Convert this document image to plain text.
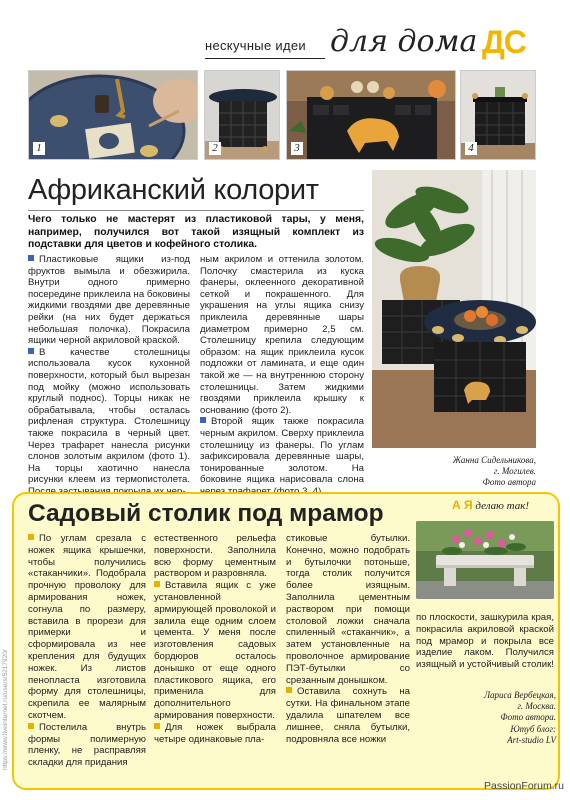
нескучные идеи для дома ДС
1	2	3	4
Африканский колорит

Чего только не мастерят из пластиковой тары, у меня, например, получился вот такой изящный комплект из подставки для цветов и кофейного столика.

Пластиковые ящики из-под фруктов вымыла и обезжирила. Внутри одного примерно посередине приклеила на боковины жидкими гвоздями две деревянные рейки (на них будет держаться небольшая полочка). Покрасила ящики черной акриловой краской.

В качестве столешницы использовала кусок кухонной поверхности, который был вырезан под мойку (можно использовать круглый поднос). Торцы никак не обрабатывала, чтобы осталась рифленая структура. Столешницу также покрасила в черный цвет. Через трафарет нанесла рисунки слонов золотым акрилом (фото 1). На торцы хаотично нанесла рисунки клеем из термопистолета.

ным акрилом и оттенила золотом. Полочку смастерила из куска фанеры, оклеенного декоративной сеткой и покрашенного. Для украшения на углы ящика снизу приклеила деревянные шары диаметром примерно 2,5 см. Столешницу крепила следующим образом: на ящик приклеила кусок подложки от ламината, и еще один такой же — на внутреннюю сторону столешницы. Затем жидкими гвоздями приклеила крышку к основанию (фото 2).

Второй ящик также покрасила черным акрилом. Сверху приклеила столешницу из фанеры. По углам зафиксировала деревянные шары, тонированные золотом. На боковине ящика нарисовала слона

Жанна Сидельникова,
г. Могилев.
Фото автора
Садовый столик под мрамор	А Я делаю так!

По углам срезала с ножек ящика крышечки, чтобы получились «стаканчики». Подобрала прочную проволоку для армирования ножек, согнула по размеру, вставила в прорези для примерки и сформировала из нее крепления для будущих ножек. Из листов пенопласта изготовила форму для столешницы, скрепила ее малярным скотчем.

Постелила внутрь формы полимерную пленку, не расправляя складки для придания

естественного рельефа поверхности. Заполнила всю форму цементным раствором и разровняла.

Вставила ящик с уже установленной армирующей проволокой и залила еще одним слоем цемента. У меня после изготовления садовых бордюров осталось донышко от еще одного пластикового ящика, его применила для дополнительного армирования поверхности.

Для ножек выбрала четыре одинаковые пла-

стиковые бутылки. Конечно, можно подобрать и бутылочки потоньше, тогда столик получится более изящным. Заполнила цементным раствором при помощи столовой ложки сначала спиленный «стаканчик», а затем установленные на проволочное армирование ПЭТ-бутылки со срезанным донышком.

Оставила сохнуть на сутки. На финальном этапе удалила шпателем все лишнее, сняла бутылки, подровняла все ножки

по плоскости, зашкурила края, покрасила акриловой краской под мрамор и покрыла все изделие лаком. Получился изящный и устойчивый столик!

Лариса Вербецкая,
г. Москва.
Фото автора.
Ютуб блог:
Art-studio LV
https://www.liveinternet.ru/users/5217920/
PassionForum.ru
